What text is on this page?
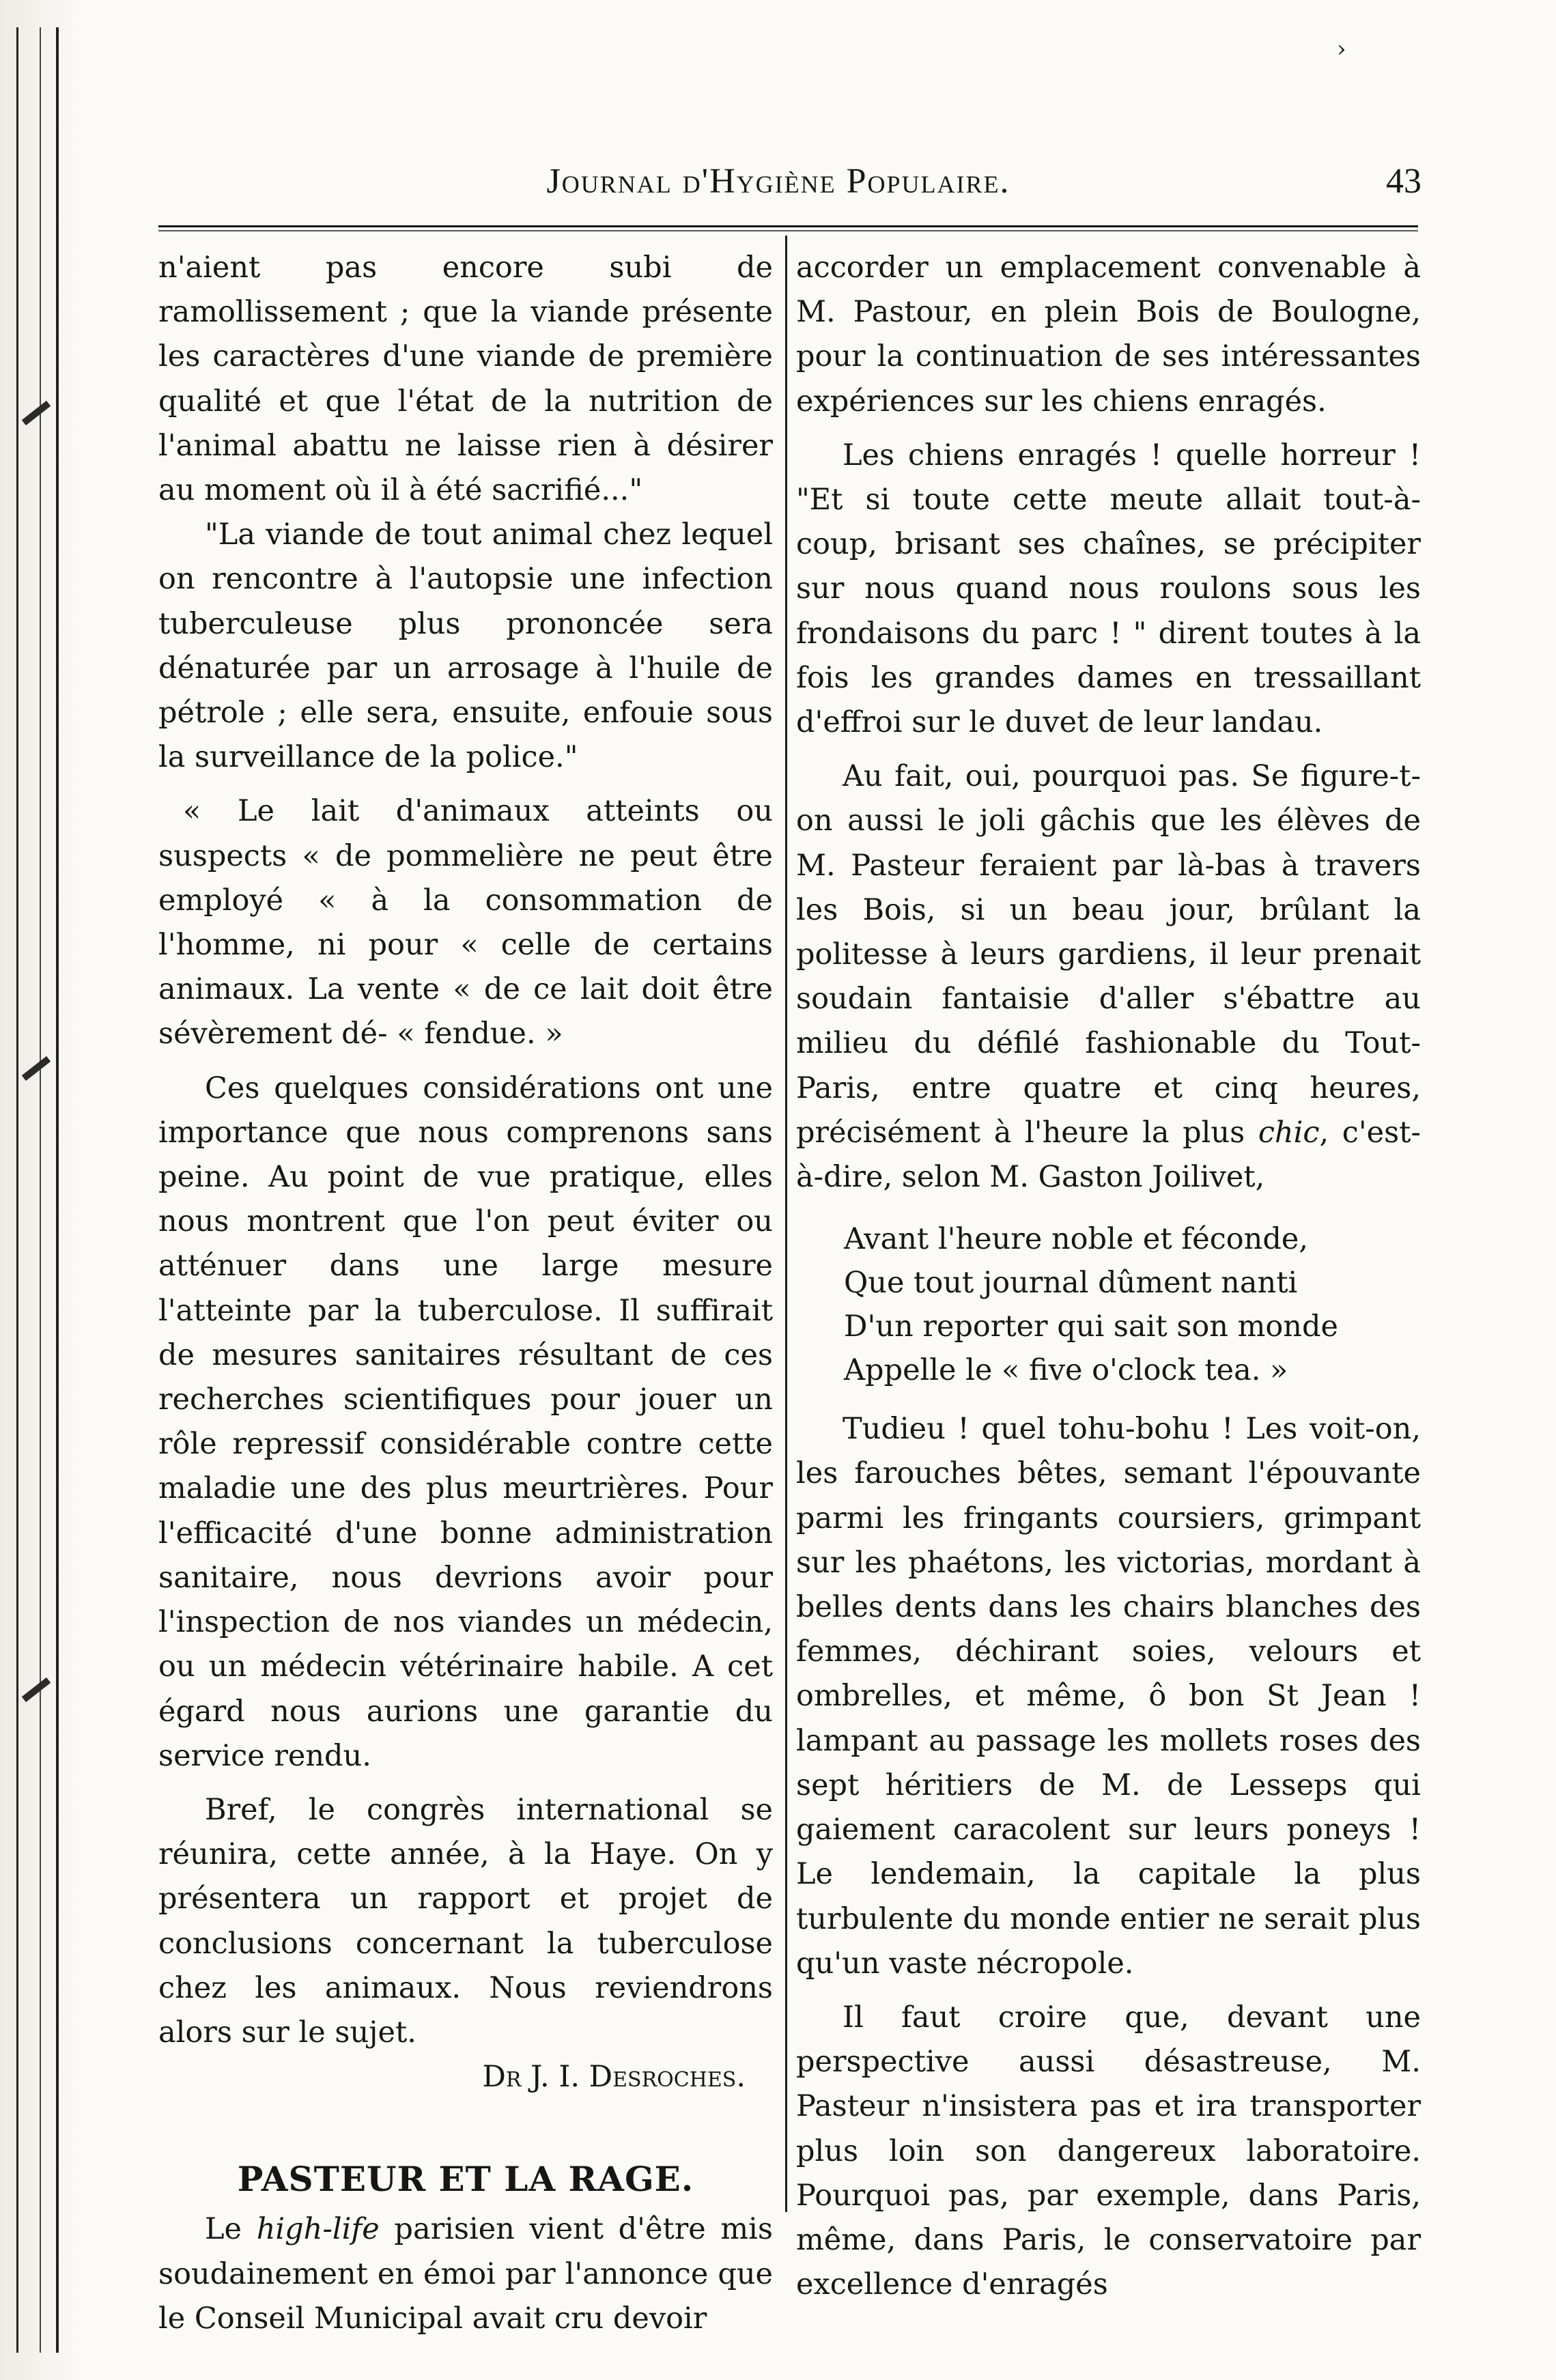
›
Journal d'Hygiène Populaire.	43

n'aient pas encore subi de ramollissement ; que la viande présente les caractères d'une viande de première qualité et que l'état de la nutrition de l'animal abattu ne laisse rien à désirer au moment où il à été sacrifié..."

"La viande de tout animal chez lequel on rencontre à l'autopsie une infection tuberculeuse plus prononcée sera dénaturée par un arrosage à l'huile de pétrole ; elle sera, ensuite, enfouie sous la surveillance de la police."

« Le lait d'animaux atteints ou suspects « de pommelière ne peut être employé « à la consommation de l'homme, ni pour « celle de certains animaux. La vente « de ce lait doit être sévèrement dé- « fendue. »

Ces quelques considérations ont une importance que nous comprenons sans peine. Au point de vue pratique, elles nous montrent que l'on peut éviter ou atténuer dans une large mesure l'atteinte par la tuberculose. Il suffirait de mesures sanitaires résultant de ces recherches scientifiques pour jouer un rôle repressif considérable contre cette maladie une des plus meurtrières. Pour l'efficacité d'une bonne administration sanitaire, nous devrions avoir pour l'inspection de nos viandes un médecin, ou un médecin vétérinaire habile. A cet égard nous aurions une garantie du service rendu.

Bref, le congrès international se réunira, cette année, à la Haye. On y présentera un rapport et projet de conclusions concernant la tuberculose chez les animaux. Nous reviendrons alors sur le sujet.

Dr J. I. Desroches.

PASTEUR ET LA RAGE.

Le high-life parisien vient d'être mis soudainement en émoi par l'annonce que le Conseil Municipal avait cru devoir

accorder un emplacement convenable à M. Pastour, en plein Bois de Boulogne, pour la continuation de ses intéressantes expériences sur les chiens enragés.

Les chiens enragés ! quelle horreur ! "Et si toute cette meute allait tout-à-coup, brisant ses chaînes, se précipiter sur nous quand nous roulons sous les frondaisons du parc ! " dirent toutes à la fois les grandes dames en tressaillant d'effroi sur le duvet de leur landau.

Au fait, oui, pourquoi pas. Se figure-t-on aussi le joli gâchis que les élèves de M. Pasteur feraient par là-bas à travers les Bois, si un beau jour, brûlant la politesse à leurs gardiens, il leur prenait soudain fantaisie d'aller s'ébattre au milieu du défilé fashionable du Tout-Paris, entre quatre et cinq heures, précisément à l'heure la plus chic, c'est-à-dire, selon M. Gaston Joilivet,

Avant l'heure noble et féconde,
Que tout journal dûment nanti
D'un reporter qui sait son monde
Appelle le « five o'clock tea. »

Tudieu ! quel tohu-bohu ! Les voit-on, les farouches bêtes, semant l'épouvante parmi les fringants coursiers, grimpant sur les phaétons, les victorias, mordant à belles dents dans les chairs blanches des femmes, déchirant soies, velours et ombrelles, et même, ô bon St Jean ! lampant au passage les mollets roses des sept héritiers de M. de Lesseps qui gaiement caracolent sur leurs poneys ! Le lendemain, la capitale la plus turbulente du monde entier ne serait plus qu'un vaste nécropole.

Il faut croire que, devant une perspective aussi désastreuse, M. Pasteur n'insistera pas et ira transporter plus loin son dangereux laboratoire. Pourquoi pas, par exemple, dans Paris, même, dans Paris, le conservatoire par excellence d'enragés
